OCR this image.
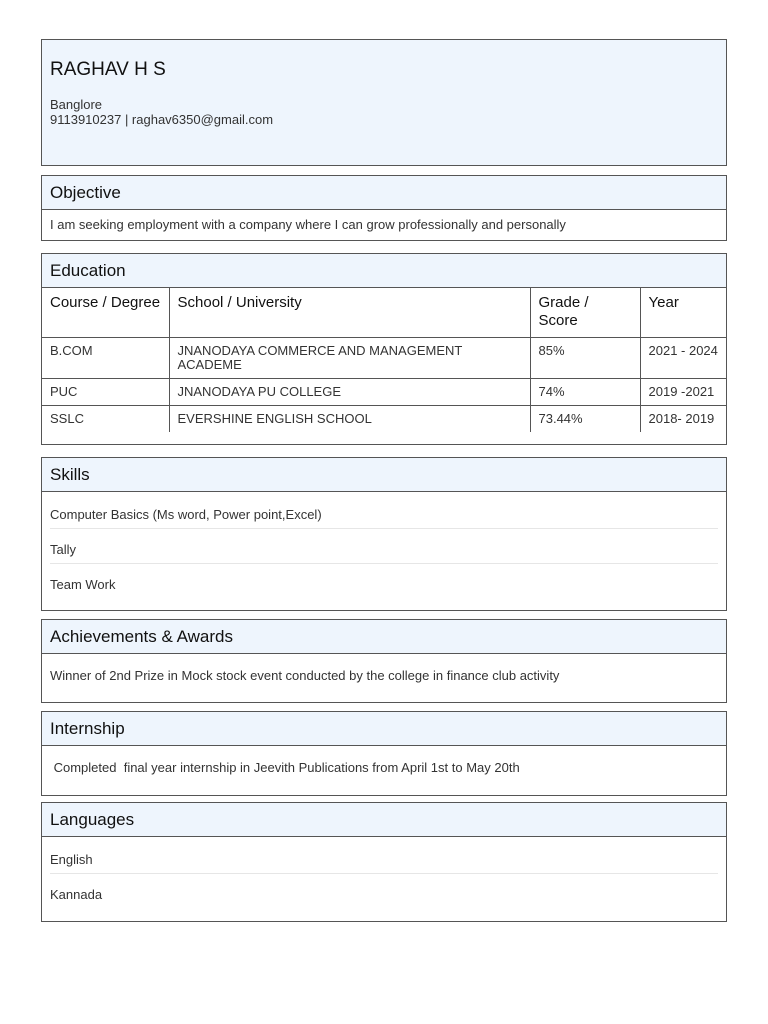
RAGHAV H S
Banglore
9113910237 | raghav6350@gmail.com
Objective
I am seeking employment with a company where I can grow professionally and personally
Education
Course / Degree	School / University	Grade / Score	Year
B.COM	JNANODAYA COMMERCE AND MANAGEMENT ACADEME	85%	2021 - 2024
PUC	JNANODAYA PU COLLEGE	74%	2019 -2021
SSLC	EVERSHINE ENGLISH SCHOOL	73.44%	2018- 2019
Skills
Computer Basics (Ms word, Power point,Excel)
Tally
Team Work
Achievements & Awards
Winner of 2nd Prize in Mock stock event conducted by the college in finance club activity
Internship
Completed  final year internship in Jeevith Publications from April 1st to May 20th
Languages
English
Kannada
